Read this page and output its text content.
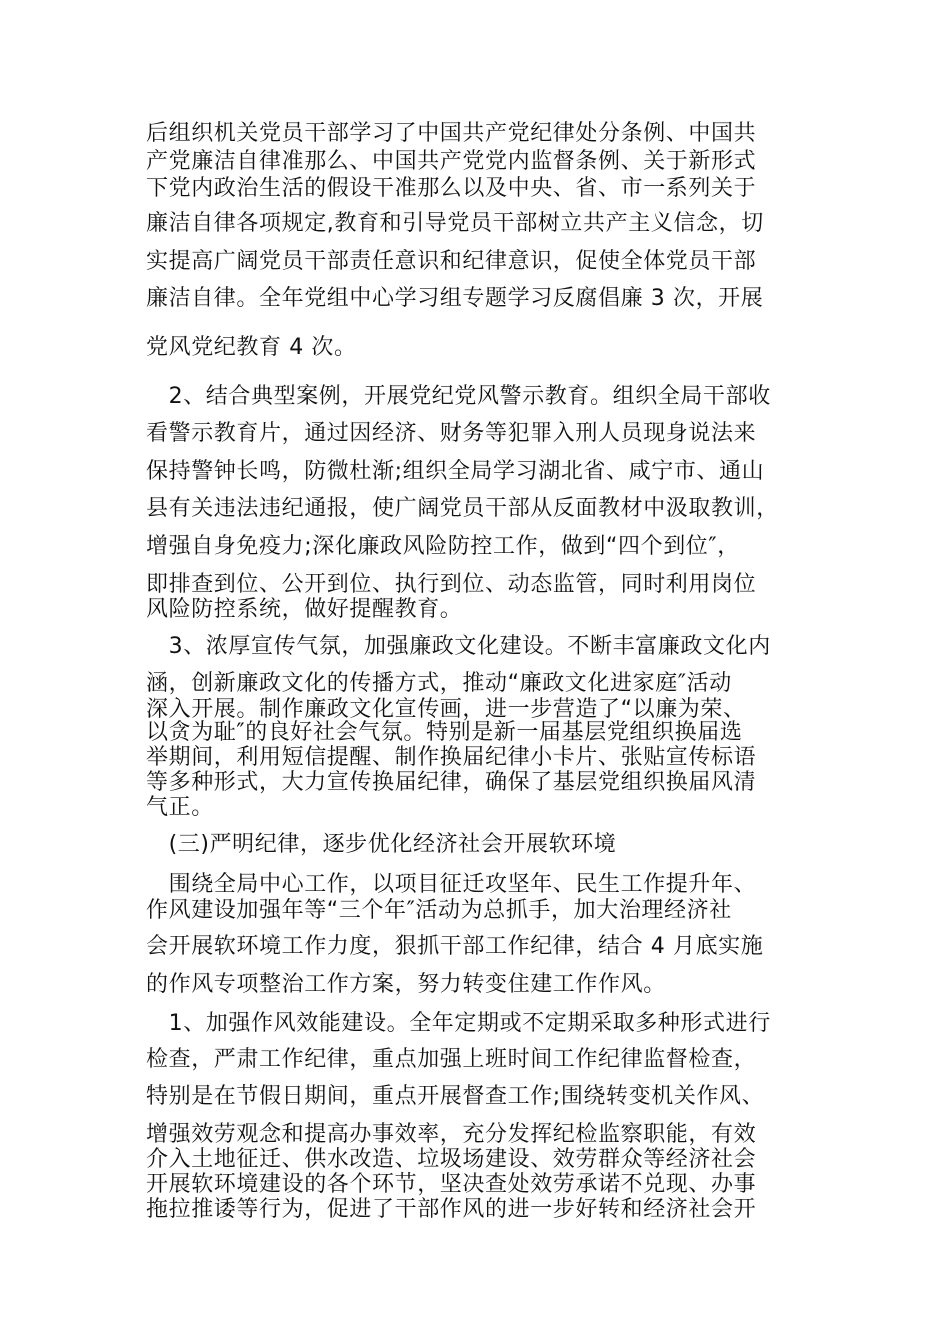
后组织机关党员干部学习了中国共产党纪律处分条例、中国共
产党廉洁自律准那么、中国共产党党内监督条例、关于新形式
下党内政治生活的假设干准那么以及中央、省、市一系列关于
廉洁自律各项规定,教育和引导党员干部树立共产主义信念，切
实提高广阔党员干部责任意识和纪律意识，促使全体党员干部
廉洁自律。全年党组中心学习组专题学习反腐倡廉 3 次，开展
党风党纪教育 4 次。
　2、结合典型案例，开展党纪党风警示教育。组织全局干部收
看警示教育片，通过因经济、财务等犯罪入刑人员现身说法来
保持警钟长鸣，防微杜渐;组织全局学习湖北省、咸宁市、通山
县有关违法违纪通报，使广阔党员干部从反面教材中汲取教训，
增强自身免疫力;深化廉政风险防控工作，做到“四个到位″，
即排查到位、公开到位、执行到位、动态监管，同时利用岗位
风险防控系统，做好提醒教育。
　3、浓厚宣传气氛，加强廉政文化建设。不断丰富廉政文化内
涵，创新廉政文化的传播方式，推动“廉政文化进家庭″活动
深入开展。制作廉政文化宣传画，进一步营造了“以廉为荣、
以贪为耻″的良好社会气氛。特别是新一届基层党组织换届选
举期间，利用短信提醒、制作换届纪律小卡片、张贴宣传标语
等多种形式，大力宣传换届纪律，确保了基层党组织换届风清
气正。
　(三)严明纪律，逐步优化经济社会开展软环境
　围绕全局中心工作，以项目征迁攻坚年、民生工作提升年、
作风建设加强年等“三个年″活动为总抓手，加大治理经济社
会开展软环境工作力度，狠抓干部工作纪律，结合 4 月底实施
的作风专项整治工作方案，努力转变住建工作作风。
　1、加强作风效能建设。全年定期或不定期采取多种形式进行
检查，严肃工作纪律，重点加强上班时间工作纪律监督检查，
特别是在节假日期间，重点开展督查工作;围绕转变机关作风、
增强效劳观念和提高办事效率，充分发挥纪检监察职能，有效
介入土地征迁、供水改造、垃圾场建设、效劳群众等经济社会
开展软环境建设的各个环节，坚决查处效劳承诺不兑现、办事
拖拉推诿等行为，促进了干部作风的进一步好转和经济社会开
